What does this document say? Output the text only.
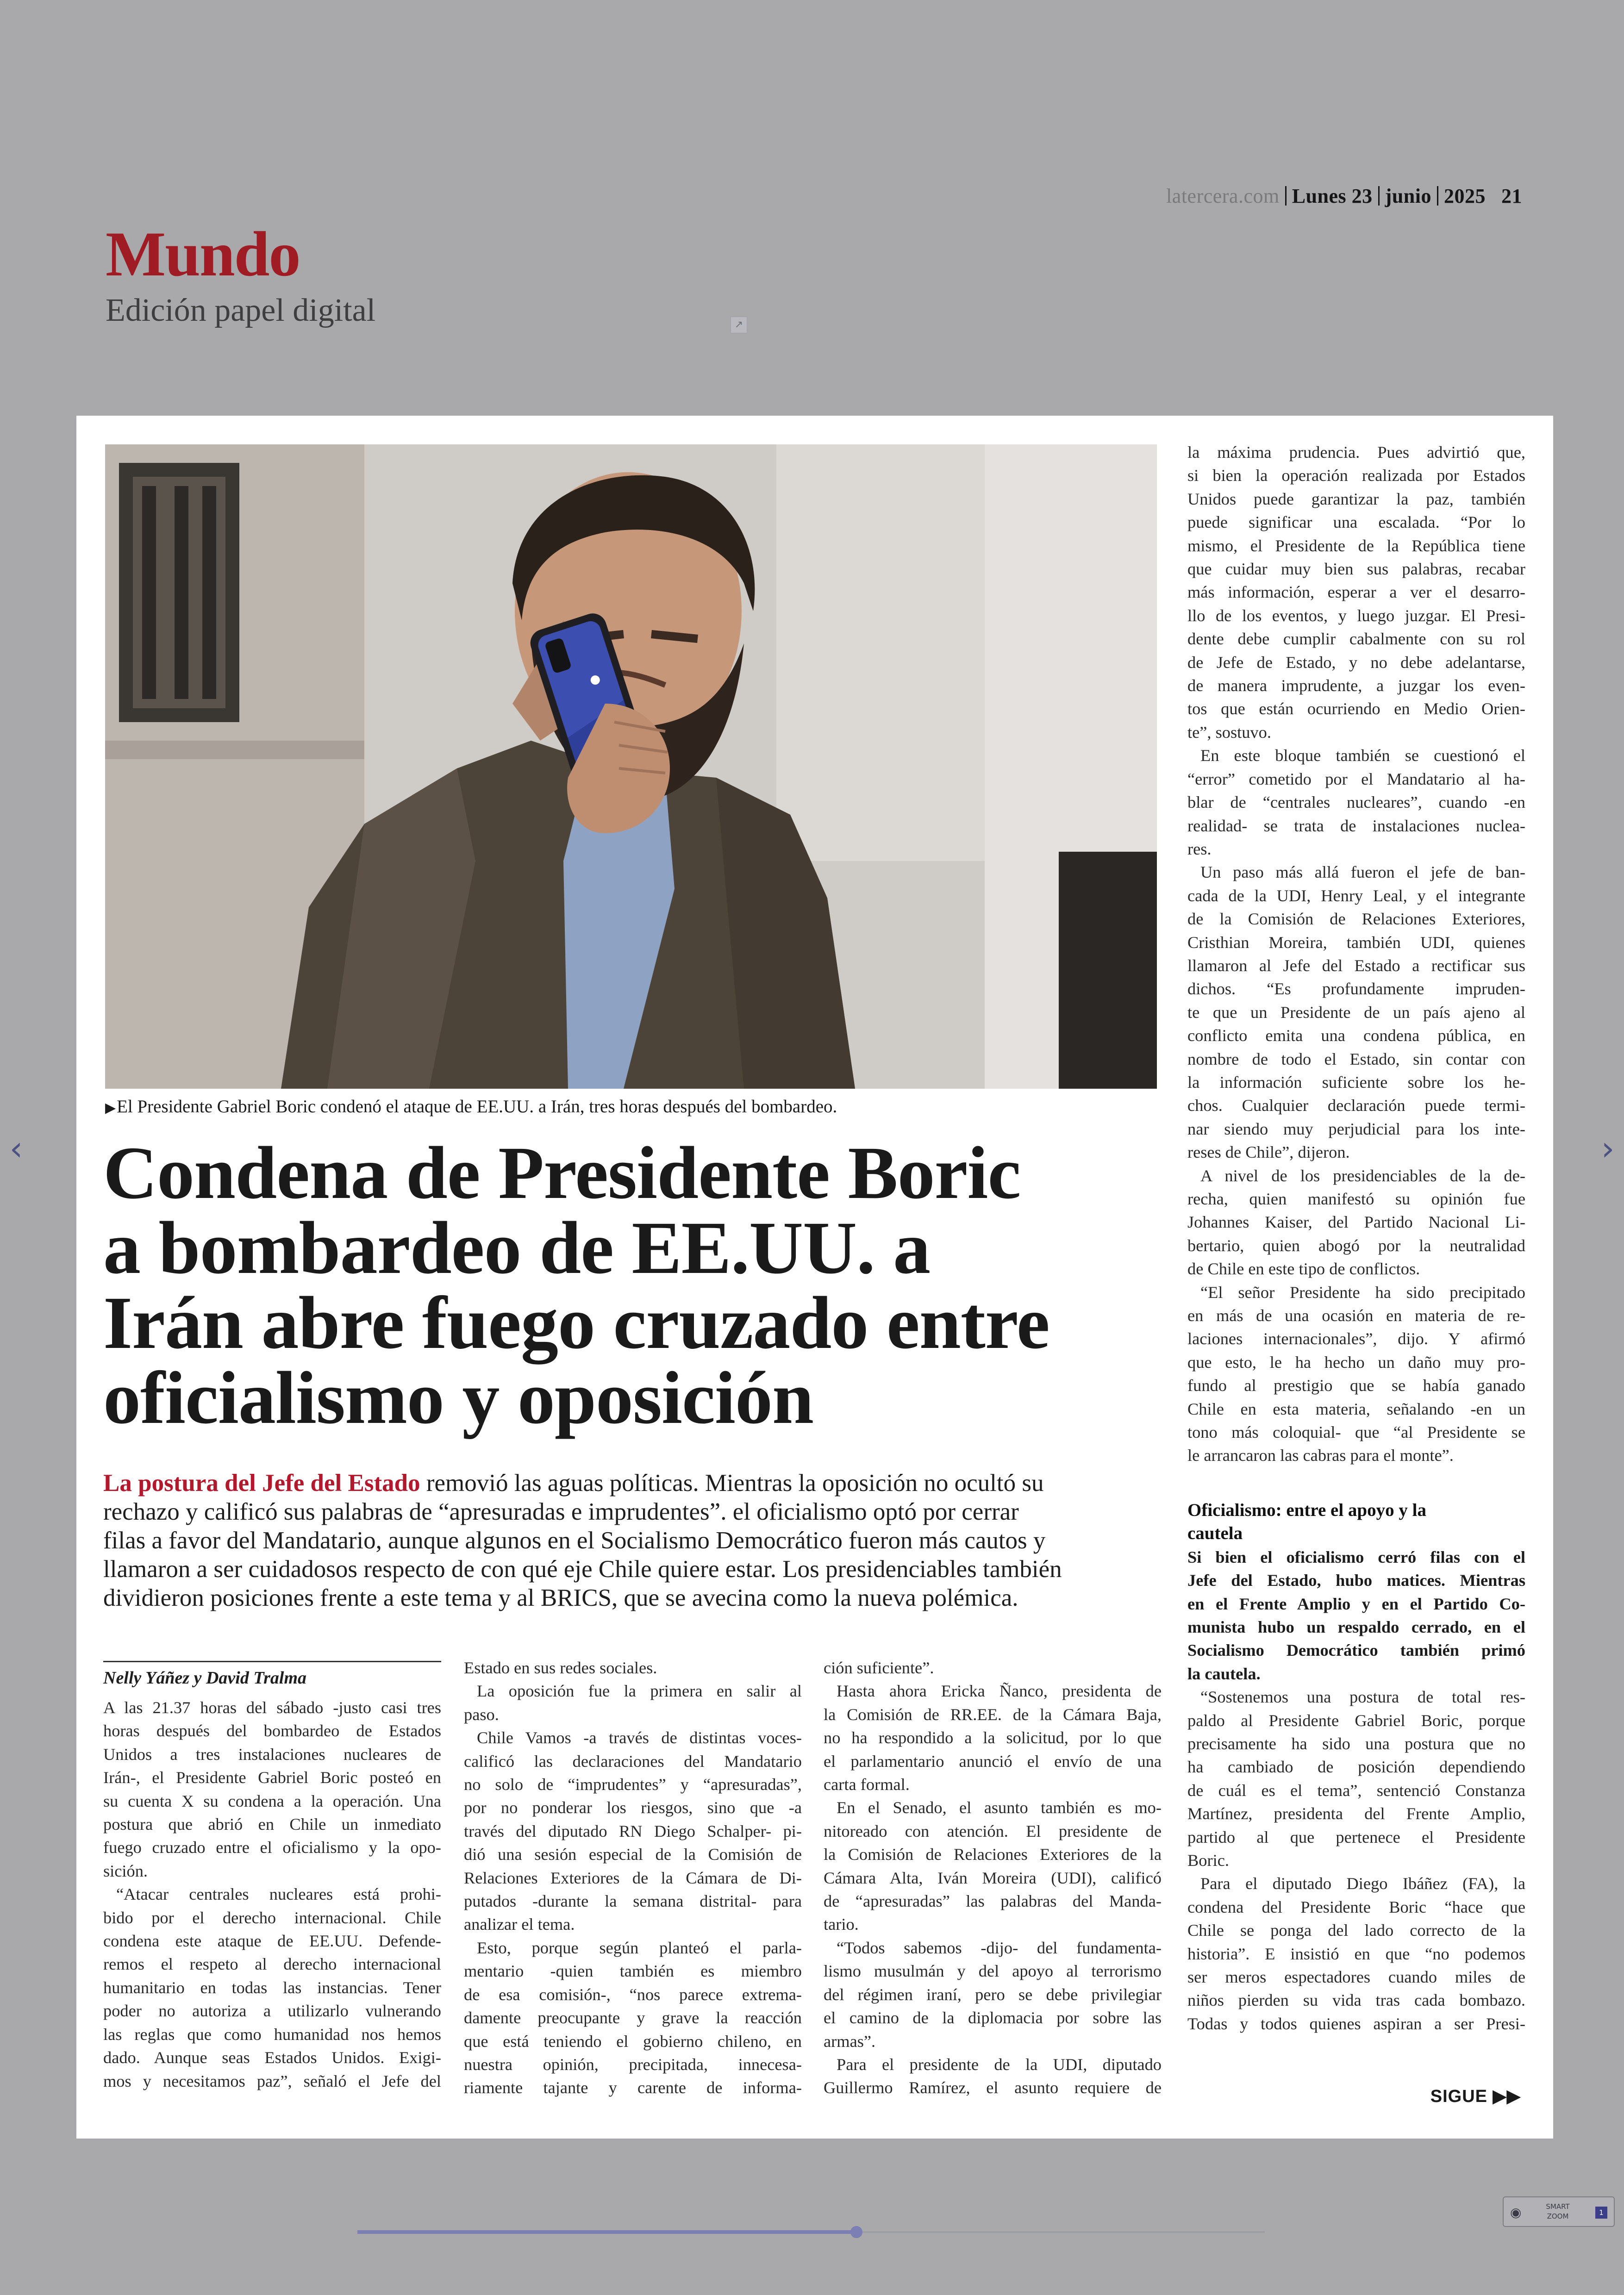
latercera.com Lunes 23 junio 2025 21
Mundo
Edición papel digital	↗
‹	›
▶El Presidente Gabriel Boric condenó el ataque de EE.UU. a Irán, tres horas después del bombardeo.
Condena de Presidente Boric
a bombardeo de EE.UU. a
Irán abre fuego cruzado entre
oficialismo y oposición
La postura del Jefe del Estado removió las aguas políticas. Mientras la oposición no ocultó su
rechazo y calificó sus palabras de “apresuradas e imprudentes”. el oficialismo optó por cerrar
filas a favor del Mandatario, aunque algunos en el Socialismo Democrático fueron más cautos y
llamaron a ser cuidadosos respecto de con qué eje Chile quiere estar. Los presidenciables también
dividieron posiciones frente a este tema y al BRICS, que se avecina como la nueva polémica.
Nelly Yáñez y David Tralma
A las 21.37 horas del sábado -justo casi tres
horas después del bombardeo de Estados
Unidos a tres instalaciones nucleares de
Irán-, el Presidente Gabriel Boric posteó en
su cuenta X su condena a la operación. Una
postura que abrió en Chile un inmediato
fuego cruzado entre el oficialismo y la opo-
sición.
“Atacar centrales nucleares está prohi-
bido por el derecho internacional. Chile
condena este ataque de EE.UU. Defende-
remos el respeto al derecho internacional
humanitario en todas las instancias. Tener
poder no autoriza a utilizarlo vulnerando
las reglas que como humanidad nos hemos
dado. Aunque seas Estados Unidos. Exigi-
mos y necesitamos paz”, señaló el Jefe del
Estado en sus redes sociales.
La oposición fue la primera en salir al
paso.
Chile Vamos -a través de distintas voces-
calificó las declaraciones del Mandatario
no solo de “imprudentes” y “apresuradas”,
por no ponderar los riesgos, sino que -a
través del diputado RN Diego Schalper- pi-
dió una sesión especial de la Comisión de
Relaciones Exteriores de la Cámara de Di-
putados -durante la semana distrital- para
analizar el tema.
Esto, porque según planteó el parla-
mentario -quien también es miembro
de esa comisión-, “nos parece extrema-
damente preocupante y grave la reacción
que está teniendo el gobierno chileno, en
nuestra opinión, precipitada, innecesa-
riamente tajante y carente de informa-
ción suficiente”.
Hasta ahora Ericka Ñanco, presidenta de
la Comisión de RR.EE. de la Cámara Baja,
no ha respondido a la solicitud, por lo que
el parlamentario anunció el envío de una
carta formal.
En el Senado, el asunto también es mo-
nitoreado con atención. El presidente de
la Comisión de Relaciones Exteriores de la
Cámara Alta, Iván Moreira (UDI), calificó
de “apresuradas” las palabras del Manda-
tario.
“Todos sabemos -dijo- del fundamenta-
lismo musulmán y del apoyo al terrorismo
del régimen iraní, pero se debe privilegiar
el camino de la diplomacia por sobre las
armas”.
Para el presidente de la UDI, diputado
Guillermo Ramírez, el asunto requiere de
la máxima prudencia. Pues advirtió que,
si bien la operación realizada por Estados
Unidos puede garantizar la paz, también
puede significar una escalada. “Por lo
mismo, el Presidente de la República tiene
que cuidar muy bien sus palabras, recabar
más información, esperar a ver el desarro-
llo de los eventos, y luego juzgar. El Presi-
dente debe cumplir cabalmente con su rol
de Jefe de Estado, y no debe adelantarse,
de manera imprudente, a juzgar los even-
tos que están ocurriendo en Medio Orien-
te”, sostuvo.
En este bloque también se cuestionó el
“error” cometido por el Mandatario al ha-
blar de “centrales nucleares”, cuando -en
realidad- se trata de instalaciones nuclea-
res.
Un paso más allá fueron el jefe de ban-
cada de la UDI, Henry Leal, y el integrante
de la Comisión de Relaciones Exteriores,
Cristhian Moreira, también UDI, quienes
llamaron al Jefe del Estado a rectificar sus
dichos. “Es profundamente impruden-
te que un Presidente de un país ajeno al
conflicto emita una condena pública, en
nombre de todo el Estado, sin contar con
la información suficiente sobre los he-
chos. Cualquier declaración puede termi-
nar siendo muy perjudicial para los inte-
reses de Chile”, dijeron.
A nivel de los presidenciables de la de-
recha, quien manifestó su opinión fue
Johannes Kaiser, del Partido Nacional Li-
bertario, quien abogó por la neutralidad
de Chile en este tipo de conflictos.
“El señor Presidente ha sido precipitado
en más de una ocasión en materia de re-
laciones internacionales”, dijo. Y afirmó
que esto, le ha hecho un daño muy pro-
fundo al prestigio que se había ganado
Chile en esta materia, señalando -en un
tono más coloquial- que “al Presidente se
le arrancaron las cabras para el monte”.
Oficialismo: entre el apoyo y la
cautela
Si bien el oficialismo cerró filas con el
Jefe del Estado, hubo matices. Mientras
en el Frente Amplio y en el Partido Co-
munista hubo un respaldo cerrado, en el
Socialismo Democrático también primó
la cautela.
“Sostenemos una postura de total res-
paldo al Presidente Gabriel Boric, porque
precisamente ha sido una postura que no
ha cambiado de posición dependiendo
de cuál es el tema”, sentenció Constanza
Martínez, presidenta del Frente Amplio,
partido al que pertenece el Presidente
Boric.
Para el diputado Diego Ibáñez (FA), la
condena del Presidente Boric “hace que
Chile se ponga del lado correcto de la
historia”. E insistió en que “no podemos
ser meros espectadores cuando miles de
niños pierden su vida tras cada bombazo.
Todas y todos quienes aspiran a ser Presi-
SIGUE ▶▶
◉	SMART
ZOOM	1
